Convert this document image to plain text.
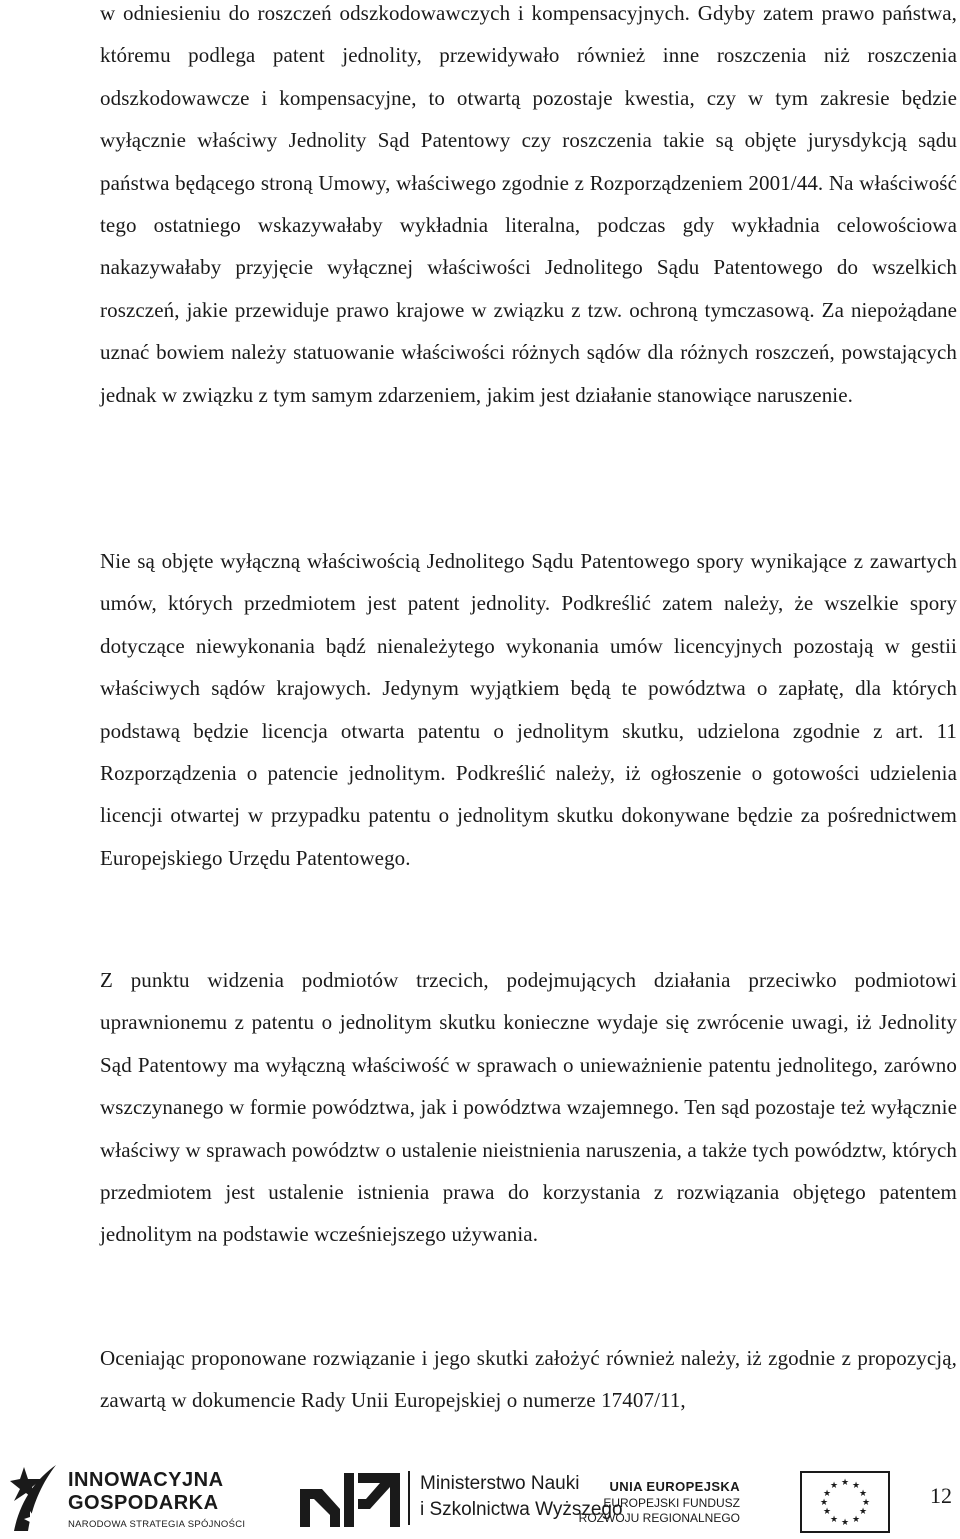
w odniesieniu do roszczeń odszkodowawczych i kompensacyjnych. Gdyby zatem prawo państwa, któremu podlega patent jednolity, przewidywało również inne roszczenia niż roszczenia odszkodowawcze i kompensacyjne, to otwartą pozostaje kwestia, czy w tym zakresie będzie wyłącznie właściwy Jednolity Sąd Patentowy czy roszczenia takie są objęte jurysdykcją sądu państwa będącego stroną Umowy, właściwego zgodnie z Rozporządzeniem 2001/44. Na właściwość tego ostatniego wskazywałaby wykładnia literalna, podczas gdy wykładnia celowościowa nakazywałaby przyjęcie wyłącznej właściwości Jednolitego Sądu Patentowego do wszelkich roszczeń, jakie przewiduje prawo krajowe w związku z tzw. ochroną tymczasową. Za niepożądane uznać bowiem należy statuowanie właściwości różnych sądów dla różnych roszczeń, powstających jednak w związku z tym samym zdarzeniem, jakim jest działanie stanowiące naruszenie.

Nie są objęte wyłączną właściwością Jednolitego Sądu Patentowego spory wynikające z zawartych umów, których przedmiotem jest patent jednolity. Podkreślić zatem należy, że wszelkie spory dotyczące niewykonania bądź nienależytego wykonania umów licencyjnych pozostają w gestii właściwych sądów krajowych. Jedynym wyjątkiem będą te powództwa o zapłatę, dla których podstawą będzie licencja otwarta patentu o jednolitym skutku, udzielona zgodnie z art. 11 Rozporządzenia o patencie jednolitym. Podkreślić należy, iż ogłoszenie o gotowości udzielenia licencji otwartej w przypadku patentu o jednolitym skutku dokonywane będzie za pośrednictwem Europejskiego Urzędu Patentowego.

Z punktu widzenia podmiotów trzecich, podejmujących działania przeciwko podmiotowi uprawnionemu z patentu o jednolitym skutku konieczne wydaje się zwrócenie uwagi, iż Jednolity Sąd Patentowy ma wyłączną właściwość w sprawach o unieważnienie patentu jednolitego, zarówno wszczynanego w formie powództwa, jak i powództwa wzajemnego. Ten sąd pozostaje też wyłącznie właściwy w sprawach powództw o ustalenie nieistnienia naruszenia, a także tych powództw, których przedmiotem jest ustalenie istnienia prawa do korzystania z rozwiązania objętego patentem jednolitym na podstawie wcześniejszego używania.

Oceniając proponowane rozwiązanie i jego skutki założyć również należy, iż zgodnie z propozycją, zawartą w dokumencie Rady Unii Europejskiej o numerze 17407/11,

INNOWACYJNA
GOSPODARKA
NARODOWA STRATEGIA SPÓJNOŚCI
Ministerstwo Nauki
i Szkolnictwa Wyższego
UNIA EUROPEJSKA
EUROPEJSKI FUNDUSZ
ROZWOJU REGIONALNEGO
★ ★
★
★
★
★
★
★
★
★
★
★	12
